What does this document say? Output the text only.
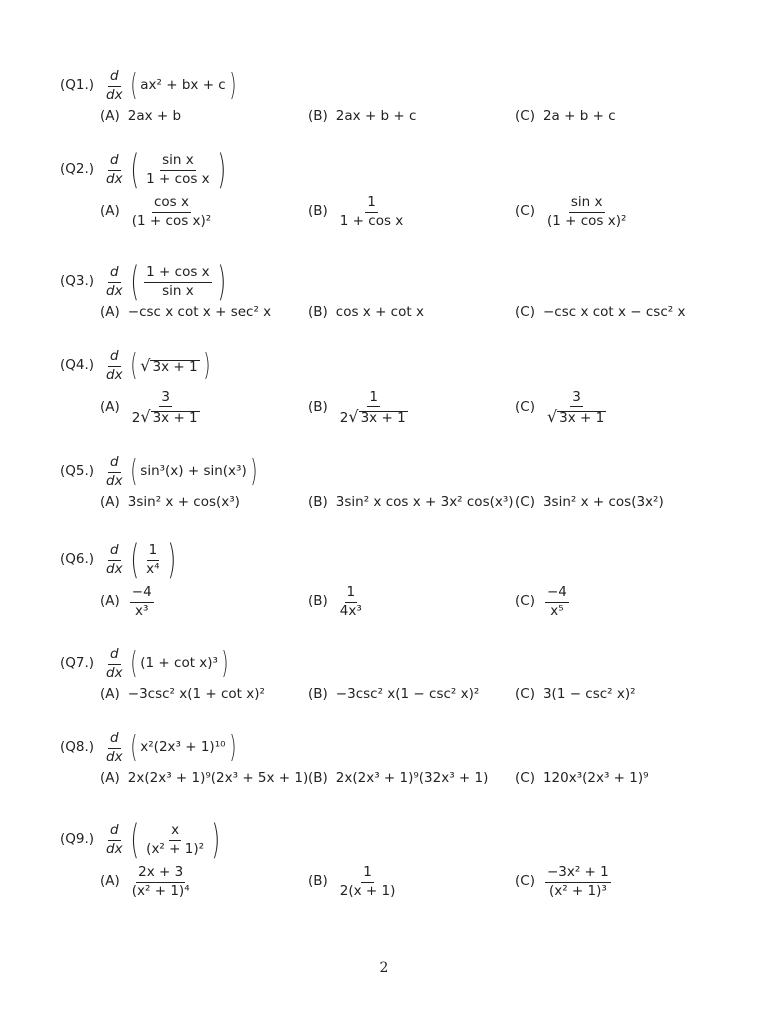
$(Q1.) \frac{d}{dx}$ ( ax² + bx + c )
(A) 2ax + b	(B) 2ax + b + c	(C) 2a + b + c
$(Q2.) \frac{d}{dx}$ ( $\frac{\text{sin x}}{\text{1 + cos x}}$ )
$(A) \frac{\text{cos x}}{\text{(1 + cos x)²}}$	$(B) \frac{1}{\text{1 + cos x}}$	$(C) \frac{\text{sin x}}{\text{(1 + cos x)²}}$
$(Q3.) \frac{d}{dx}$ ( $\frac{\text{1 + cos x}}{\text{sin x}}$ )
(A) −csc x cot x + sec² x	(B) cos x + cot x	(C) −csc x cot x − csc² x
$(Q4.) \frac{d}{dx}$ ( √ 3x + 1 )
$(A) \frac{3}{2 √ 3x + 1}$	$(B) \frac{1}{2 √ 3x + 1}$	$(C) \frac{3}{√ 3x + 1}$
$(Q5.) \frac{d}{dx}$ ( sin³(x) + sin(x³) )
(A) 3sin² x + cos(x³)	(B) 3sin² x cos x + 3x² cos(x³) (C) 3sin² x + cos(3x²)
$(Q6.) \frac{d}{dx}$ ( $\frac{1}{\text{x⁴}}$ )
$(A) \frac{-4}{\text{x³}}$	$(B) \frac{1}{\text{4x³}}$	$(C) \frac{-4}{\text{x⁵}}$
$(Q7.) \frac{d}{dx}$ ( (1 + cot x)³ )
(A) −3csc² x(1 + cot x)²	(B) −3csc² x(1 − csc² x)²	(C) 3(1 − csc² x)²
$(Q8.) \frac{d}{dx}$ ( x²(2x³ + 1)¹⁰ )
(A) 2x(2x³ + 1)⁹(2x³ + 5x + 1) (B) 2x(2x³ + 1)⁹(32x³ + 1) (C) 120x³(2x³ + 1)⁹
$(Q9.) \frac{d}{dx}$ ( $\frac{x}{\text{(x² + 1)²}}$ )
$(A) \frac{2x + 3}{\text{(x² + 1)⁴}}$	$(B) \frac{1}{2(x + 1)}$	$(C) \frac{\text{−3x² + 1}}{\text{(x² + 1)³}}$
2
